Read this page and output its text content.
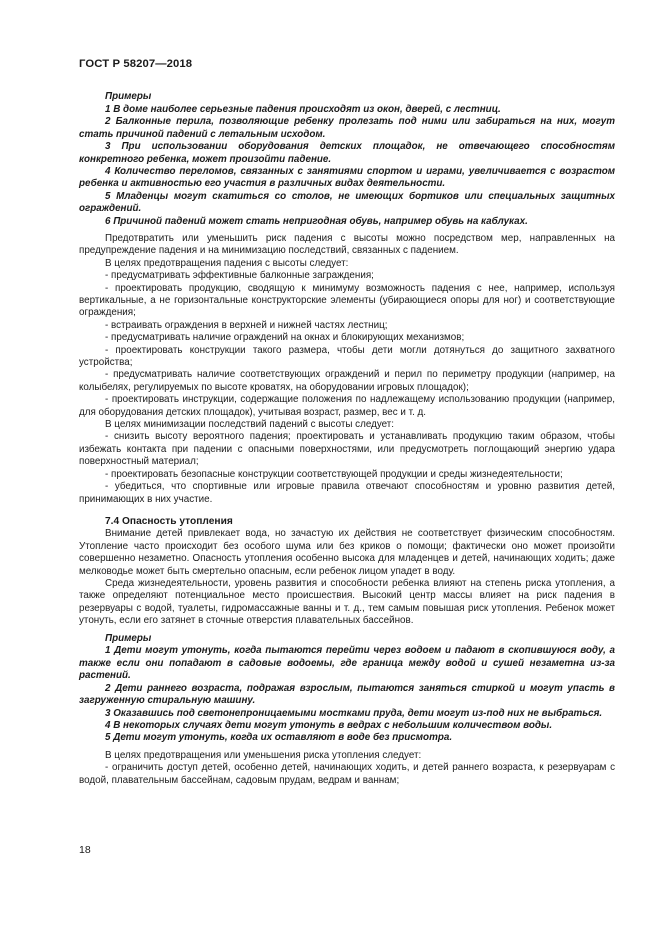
ГОСТ Р 58207—2018

Примеры

1 В доме наиболее серьезные падения происходят из окон, дверей, с лестниц.

2 Балконные перила, позволяющие ребенку пролезать под ними или забираться на них, могут стать причиной падений с летальным исходом.

3 При использовании оборудования детских площадок, не отвечающего способностям конкретного ребенка, может произойти падение.

4 Количество переломов, связанных с занятиями спортом и играми, увеличивается с возрастом ребенка и активностью его участия в различных видах деятельности.

5 Младенцы могут скатиться со столов, не имеющих бортиков или специальных защитных ограждений.

6 Причиной падений может стать непригодная обувь, например обувь на каблуках.

Предотвратить или уменьшить риск падения с высоты можно посредством мер, направленных на предупреждение падения и на минимизацию последствий, связанных с падением.

В целях предотвращения падения с высоты следует:

- предусматривать эффективные балконные заграждения;

- проектировать продукцию, сводящую к минимуму возможность падения с нее, например, используя вертикальные, а не горизонтальные конструкторские элементы (убирающиеся опоры для ног) и соответствующие ограждения;

- встраивать ограждения в верхней и нижней частях лестниц;

- предусматривать наличие ограждений на окнах и блокирующих механизмов;

- проектировать конструкции такого размера, чтобы дети могли дотянуться до защитного захватного устройства;

- предусматривать наличие соответствующих ограждений и перил по периметру продукции (например, на колыбелях, регулируемых по высоте кроватях, на оборудовании игровых площадок);

- проектировать инструкции, содержащие положения по надлежащему использованию продукции (например, для оборудования детских площадок), учитывая возраст, размер, вес и т. д.

В целях минимизации последствий падений с высоты следует:

- снизить высоту вероятного падения; проектировать и устанавливать продукцию таким образом, чтобы избежать контакта при падении с опасными поверхностями, или предусмотреть поглощающий энергию удара поверхностный материал;

- проектировать безопасные конструкции соответствующей продукции и среды жизнедеятельности;

- убедиться, что спортивные или игровые правила отвечают способностям и уровню развития детей, принимающих в них участие.

7.4 Опасность утопления

Внимание детей привлекает вода, но зачастую их действия не соответствует физическим способностям. Утопление часто происходит без особого шума или без криков о помощи; фактически оно может произойти совершенно незаметно. Опасность утопления особенно высока для младенцев и детей, начинающих ходить; даже мелководье может быть смертельно опасным, если ребенок лицом упадет в воду.

Среда жизнедеятельности, уровень развития и способности ребенка влияют на степень риска утопления, а также определяют потенциальное место происшествия. Высокий центр массы влияет на риск падения в резервуары с водой, туалеты, гидромассажные ванны и т. д., тем самым повышая риск утопления. Ребенок может утонуть, если его затянет в сточные отверстия плавательных бассейнов.

Примеры

1 Дети могут утонуть, когда пытаются перейти через водоем и падают в скопившуюся воду, а также если они попадают в садовые водоемы, где граница между водой и сушей незаметна из-за растений.

2 Дети раннего возраста, подражая взрослым, пытаются заняться стиркой и могут упасть в загруженную стиральную машину.

3 Оказавшись под светонепроницаемыми мостками пруда, дети могут из-под них не выбраться.

4 В некоторых случаях дети могут утонуть в ведрах с небольшим количеством воды.

5 Дети могут утонуть, когда их оставляют в воде без присмотра.

В целях предотвращения или уменьшения риска утопления следует:

- ограничить доступ детей, особенно детей, начинающих ходить, и детей раннего возраста, к резервуарам с водой, плавательным бассейнам, садовым прудам, ведрам и ваннам;

18
